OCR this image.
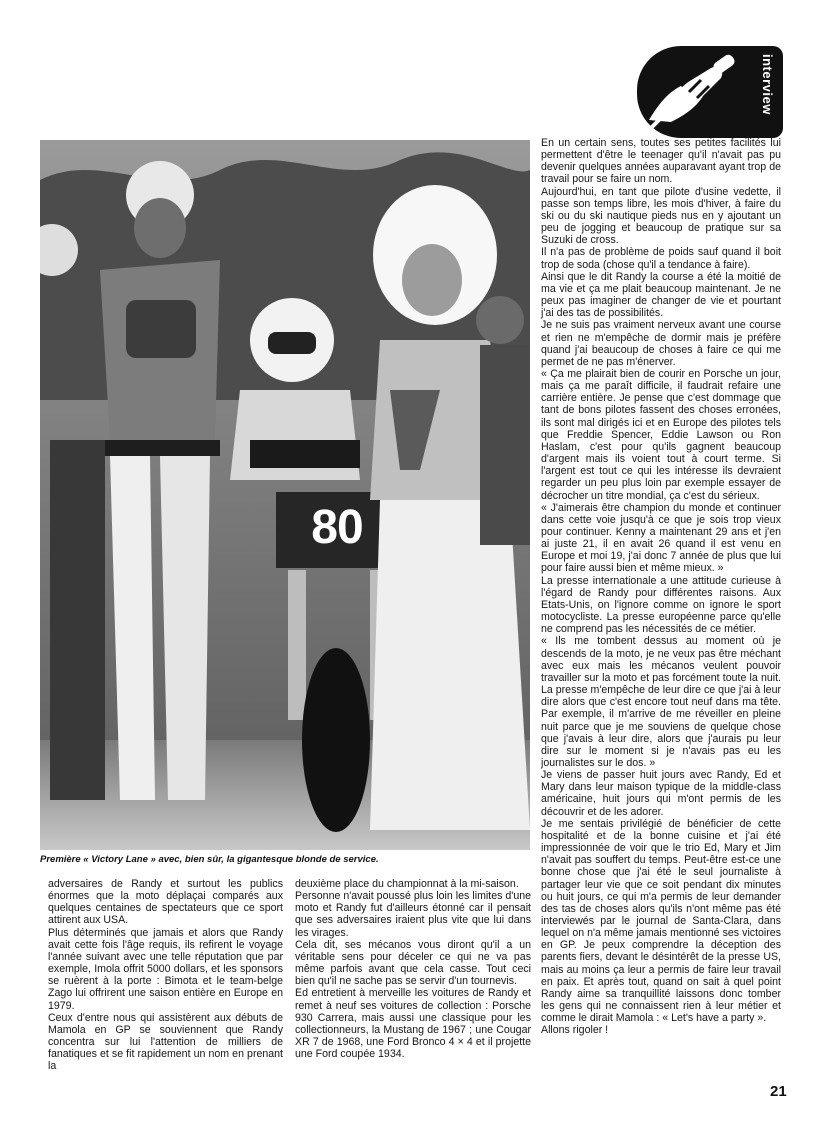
interview
80
Première « Victory Lane » avec, bien sûr, la gigantesque blonde de service.

En un certain sens, toutes ses petites facilités lui permettent d'être le teenager qu'il n'avait pas pu devenir quelques années auparavant ayant trop de travail pour se faire un nom.

Aujourd'hui, en tant que pilote d'usine vedette, il passe son temps libre, les mois d'hiver, à faire du ski ou du ski nautique pieds nus en y ajoutant un peu de jogging et beaucoup de pratique sur sa Suzuki de cross.

Il n'a pas de problème de poids sauf quand il boit trop de soda (chose qu'il a tendance à faire).

Ainsi que le dit Randy la course a été la moitié de ma vie et ça me plait beaucoup maintenant. Je ne peux pas imaginer de changer de vie et pourtant j'ai des tas de possibilités.

Je ne suis pas vraiment nerveux avant une course et rien ne m'empêche de dormir mais je préfère quand j'ai beaucoup de choses à faire ce qui me permet de ne pas m'énerver.

« Ça me plairait bien de courir en Porsche un jour, mais ça me paraît difficile, il faudrait refaire une carrière entière. Je pense que c'est dommage que tant de bons pilotes fassent des choses erronées, ils sont mal dirigés ici et en Europe des pilotes tels que Freddie Spencer, Eddie Lawson ou Ron Haslam, c'est pour qu'ils gagnent beaucoup d'argent mais ils voient tout à court terme. Si l'argent est tout ce qui les intéresse ils devraient regarder un peu plus loin par exemple essayer de décrocher un titre mondial, ça c'est du sérieux.

« J'aimerais être champion du monde et continuer dans cette voie jusqu'à ce que je sois trop vieux pour continuer. Kenny a maintenant 29 ans et j'en ai juste 21, il en avait 26 quand il est venu en Europe et moi 19, j'ai donc 7 année de plus que lui pour faire aussi bien et même mieux. »

La presse internationale a une attitude curieuse à l'égard de Randy pour différentes raisons. Aux Etats-Unis, on l'ignore comme on ignore le sport motocycliste. La presse européenne parce qu'elle ne comprend pas les nécessités de ce métier.

« Ils me tombent dessus au moment où je descends de la moto, je ne veux pas être méchant avec eux mais les mécanos veulent pouvoir travailler sur la moto et pas forcément toute la nuit. La presse m'empêche de leur dire ce que j'ai à leur dire alors que c'est encore tout neuf dans ma tête. Par exemple, il m'arrive de me réveiller en pleine nuit parce que je me souviens de quelque chose que j'avais à leur dire, alors que j'aurais pu leur dire sur le moment si je n'avais pas eu les journalistes sur le dos. »

Je viens de passer huit jours avec Randy, Ed et Mary dans leur maison typique de la middle-class américaine, huit jours qui m'ont permis de les découvrir et de les adorer.

Je me sentais privilégié de bénéficier de cette hospitalité et de la bonne cuisine et j'ai été impressionnée de voir que le trio Ed, Mary et Jim n'avait pas souffert du temps. Peut-être est-ce une bonne chose que j'ai été le seul journaliste à partager leur vie que ce soit pendant dix minutes ou huit jours, ce qui m'a permis de leur demander des tas de choses alors qu'ils n'ont même pas été interviewés par le journal de Santa-Clara, dans lequel on n'a même jamais mentionné ses victoires en GP. Je peux comprendre la déception des parents fiers, devant le désintérêt de la presse US, mais au moins ça leur a permis de faire leur travail en paix. Et après tout, quand on sait à quel point Randy aime sa tranquillité laissons donc tomber les gens qui ne connaissent rien à leur métier et comme le dirait Mamola : « Let's have a party ».

Allons rigoler !

adversaires de Randy et surtout les publics énormes que la moto déplaçai comparés aux quelques centaines de spectateurs que ce sport attirent aux USA.

Plus déterminés que jamais et alors que Randy avait cette fois l'âge requis, ils refirent le voyage l'année suivant avec une telle réputation que par exemple, Imola offrit 5000 dollars, et les sponsors se ruèrent à la porte : Bimota et le team-belge Zago lui offrirent une saison entière en Europe en 1979.

Ceux d'entre nous qui assistèrent aux débuts de Mamola en GP se souviennent que Randy concentra sur lui l'attention de milliers de fanatiques et se fit rapidement un nom en prenant la

deuxième place du championnat à la mi-saison.

Personne n'avait poussé plus loin les limites d'une moto et Randy fut d'ailleurs étonné car il pensait que ses adversaires iraient plus vite que lui dans les virages.

Cela dit, ses mécanos vous diront qu'il a un véritable sens pour déceler ce qui ne va pas même parfois avant que cela casse. Tout ceci bien qu'il ne sache pas se servir d'un tournevis.

Ed entretient à merveille les voitures de Randy et remet à neuf ses voitures de collection : Porsche 930 Carrera, mais aussi une classique pour les collectionneurs, la Mustang de 1967 ; une Cougar XR 7 de 1968, une Ford Bronco 4 × 4 et il projette une Ford coupée 1934.

21
